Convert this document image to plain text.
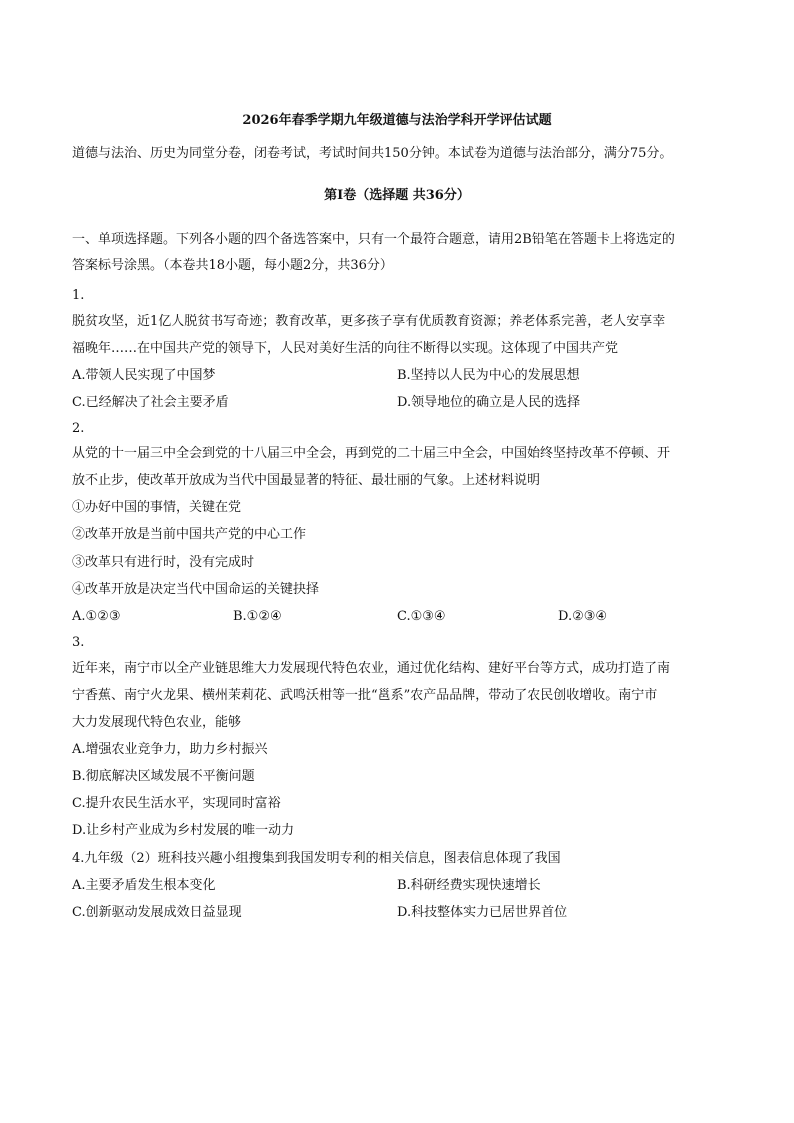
2026年春季学期九年级道德与法治学科开学评估试题
道德与法治、历史为同堂分卷，闭卷考试，考试时间共150分钟。本试卷为道德与法治部分，满分75分。
第Ⅰ卷（选择题 共36分）
一、单项选择题。下列各小题的四个备选答案中，只有一个最符合题意，请用2B铅笔在答题卡上将选定的
答案标号涂黑。（本卷共18小题，每小题2分，共36分）
1.
脱贫攻坚，近1亿人脱贫书写奇迹；教育改革，更多孩子享有优质教育资源；养老体系完善，老人安享幸
福晚年……在中国共产党的领导下，人民对美好生活的向往不断得以实现。这体现了中国共产党
A.带领人民实现了中国梦	B.坚持以人民为中心的发展思想
C.已经解决了社会主要矛盾	D.领导地位的确立是人民的选择
2.
从党的十一届三中全会到党的十八届三中全会，再到党的二十届三中全会，中国始终坚持改革不停顿、开
放不止步，使改革开放成为当代中国最显著的特征、最壮丽的气象。上述材料说明
①办好中国的事情，关键在党
②改革开放是当前中国共产党的中心工作
③改革只有进行时，没有完成时
④改革开放是决定当代中国命运的关键抉择
A.①②③	B.①②④	C.①③④	D.②③④
3.
近年来，南宁市以全产业链思维大力发展现代特色农业，通过优化结构、建好平台等方式，成功打造了南
宁香蕉、南宁火龙果、横州茉莉花、武鸣沃柑等一批“邕系”农产品品牌，带动了农民创收增收。南宁市
大力发展现代特色农业，能够
A.增强农业竞争力，助力乡村振兴
B.彻底解决区域发展不平衡问题
C.提升农民生活水平，实现同时富裕
D.让乡村产业成为乡村发展的唯一动力
4.九年级（2）班科技兴趣小组搜集到我国发明专利的相关信息，图表信息体现了我国
A.主要矛盾发生根本变化	B.科研经费实现快速增长
C.创新驱动发展成效日益显现	D.科技整体实力已居世界首位
